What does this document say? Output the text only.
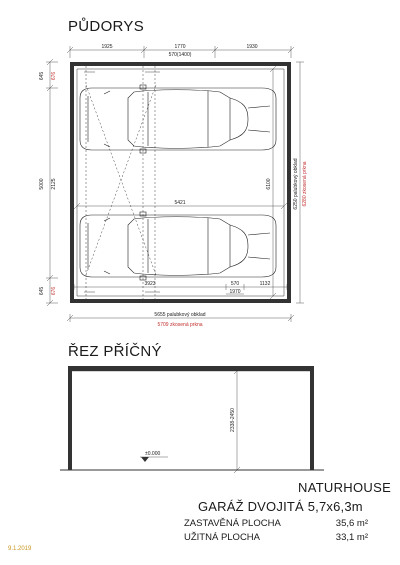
PŮDORYS
ŘEZ PŘÍČNÝ
1925	1770
570(1400)
1930
645 676
5000 2125
645 676
6100	6250 palubkový obklad 6280 zkosená prkna
5421
3923	570	1132
1970
5655 palubkový obklad
5709 zkosená prkna
2338-2450
±0.000
NATURHOUSE
GARÁŽ DVOJITÁ 5,7x6,3m
ZASTAVĚNÁ PLOCHA	35,6 m²
UŽITNÁ PLOCHA	33,1 m²
9.1.2019
